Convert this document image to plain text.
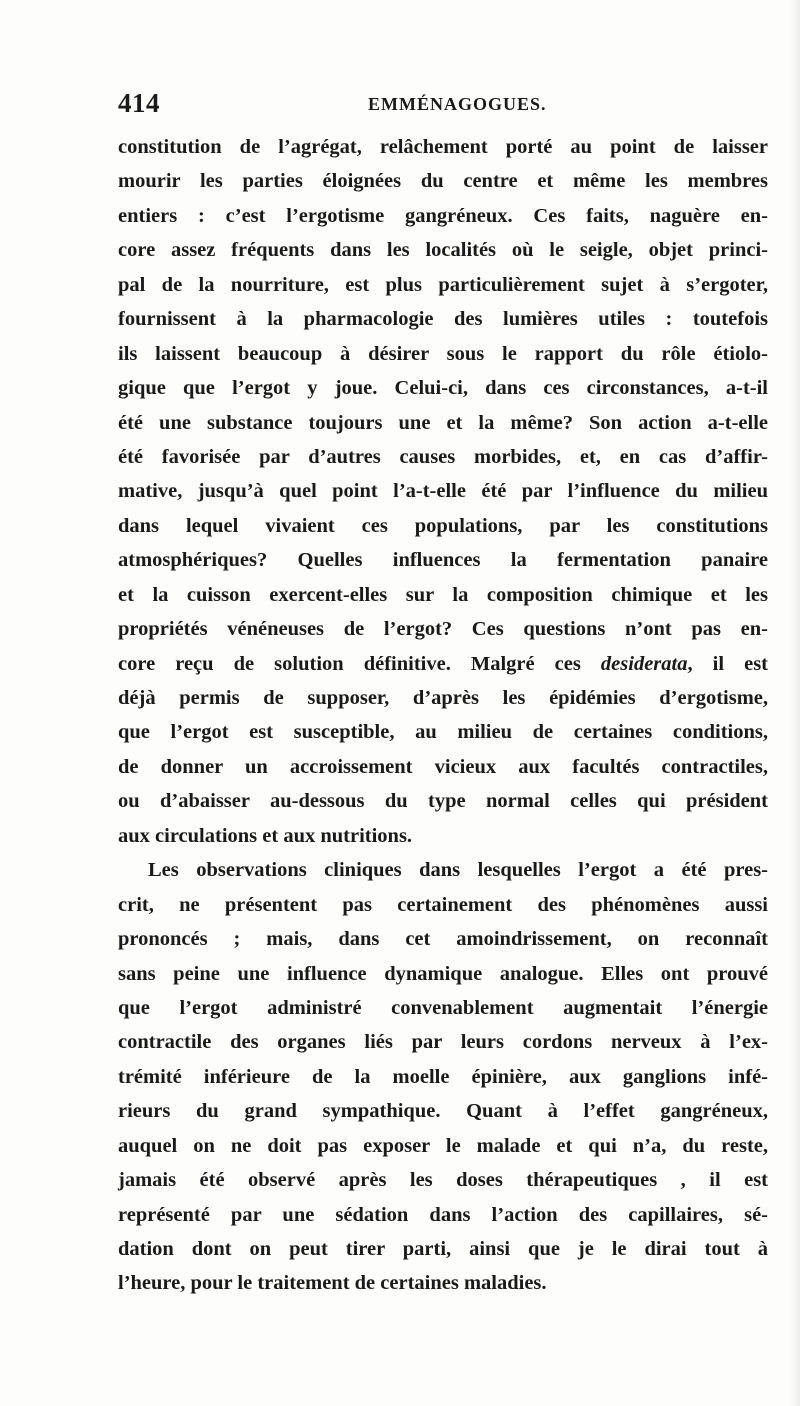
414	EMMÉNAGOGUES.
constitution de l’agrégat, relâchement porté au point de laisser
mourir les parties éloignées du centre et même les membres
entiers : c’est l’ergotisme gangréneux. Ces faits, naguère en-
core assez fréquents dans les localités où le seigle, objet princi-
pal de la nourriture, est plus particulièrement sujet à s’ergoter,
fournissent à la pharmacologie des lumières utiles : toutefois
ils laissent beaucoup à désirer sous le rapport du rôle étiolo-
gique que l’ergot y joue. Celui-ci, dans ces circonstances, a-t-il
été une substance toujours une et la même? Son action a-t-elle
été favorisée par d’autres causes morbides, et, en cas d’affir-
mative, jusqu’à quel point l’a-t-elle été par l’influence du milieu
dans lequel vivaient ces populations, par les constitutions
atmosphériques? Quelles influences la fermentation panaire
et la cuisson exercent-elles sur la composition chimique et les
propriétés vénéneuses de l’ergot? Ces questions n’ont pas en-
core reçu de solution définitive. Malgré ces desiderata, il est
déjà permis de supposer, d’après les épidémies d’ergotisme,
que l’ergot est susceptible, au milieu de certaines conditions,
de donner un accroissement vicieux aux facultés contractiles,
ou d’abaisser au-dessous du type normal celles qui président
aux circulations et aux nutritions.
Les observations cliniques dans lesquelles l’ergot a été pres-
crit, ne présentent pas certainement des phénomènes aussi
prononcés ; mais, dans cet amoindrissement, on reconnaît
sans peine une influence dynamique analogue. Elles ont prouvé
que l’ergot administré convenablement augmentait l’énergie
contractile des organes liés par leurs cordons nerveux à l’ex-
trémité inférieure de la moelle épinière, aux ganglions infé-
rieurs du grand sympathique. Quant à l’effet gangréneux,
auquel on ne doit pas exposer le malade et qui n’a, du reste,
jamais été observé après les doses thérapeutiques , il est
représenté par une sédation dans l’action des capillaires, sé-
dation dont on peut tirer parti, ainsi que je le dirai tout à
l’heure, pour le traitement de certaines maladies.
